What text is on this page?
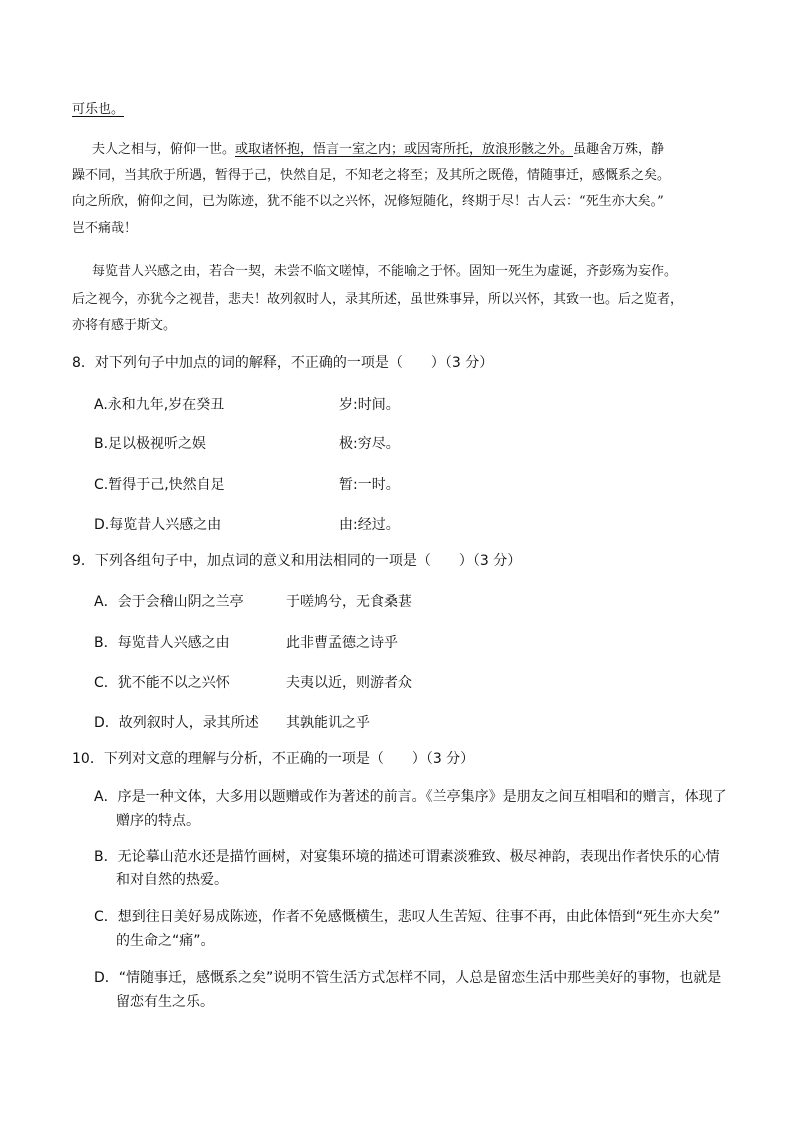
可乐也。
夫人之相与，俯仰一世。或取诸怀抱，悟言一室之内；或因寄所托，放浪形骸之外。虽趣舍万殊，静
躁不同，当其欣于所遇，暂得于己，快然自足，不知老之将至；及其所之既倦，情随事迁，感慨系之矣。
向之所欣，俯仰之间，已为陈迹，犹不能不以之兴怀，况修短随化，终期于尽！古人云：“死生亦大矣。”
岂不痛哉！
每览昔人兴感之由，若合一契，未尝不临文嗟悼，不能喻之于怀。固知一死生为虚诞，齐彭殇为妄作。
后之视今，亦犹今之视昔，悲夫！故列叙时人，录其所述，虽世殊事异，所以兴怀，其致一也。后之览者，
亦将有感于斯文。
8．对下列句子中加点的词的解释，不正确的一项是（　　）（3 分）
A.永和九年,岁在癸丑	岁:时间。
B.足以极视听之娱	极:穷尽。
C.暂得于己,快然自足	暂:一时。
D.每览昔人兴感之由	由:经过。
9．下列各组句子中，加点词的意义和用法相同的一项是（　　）（3 分）
A．会于会稽山阴之兰亭	于嗟鸠兮，无食桑葚
B．每览昔人兴感之由	此非曹孟德之诗乎
C．犹不能不以之兴怀	夫夷以近，则游者众
D．故列叙时人，录其所述 其孰能讥之乎
10．下列对文意的理解与分析，不正确的一项是（　　）（3 分）
A．序是一种文体，大多用以题赠或作为著述的前言。《兰亭集序》是朋友之间互相唱和的赠言，体现了
赠序的特点。
B．无论摹山范水还是描竹画树，对宴集环境的描述可谓素淡雅致、极尽神韵，表现出作者快乐的心情
和对自然的热爱。
C．想到往日美好易成陈迹，作者不免感慨横生，悲叹人生苦短、往事不再，由此体悟到“死生亦大矣”
的生命之“痛”。
D．“情随事迁，感慨系之矣”说明不管生活方式怎样不同，人总是留恋生活中那些美好的事物，也就是
留恋有生之乐。
